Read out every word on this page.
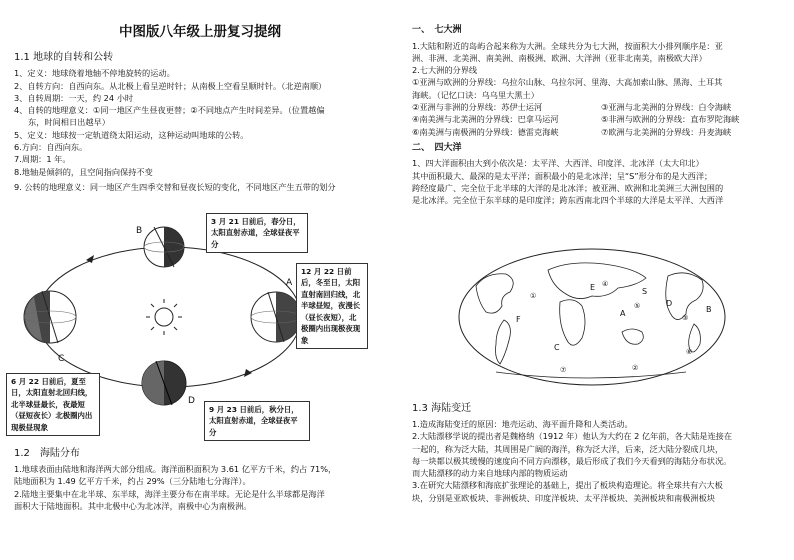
中图版八年级上册复习提纲
1.1 地球的自转和公转

1、定义：地球绕着地轴不停地旋转的运动。

2、自转方向：自西向东。从北极上看呈逆时针；从南极上空看呈顺时针。（北逆南顺）

3、自转周期：一天，约 24 小时

4、自转的地理意义：①同一地区产生昼夜更替；②不同地点产生时间差异。（位置越偏

东，时间相日出越早）

5、定义：地球按一定轨道绕太阳运动，这种运动叫地球的公转。

6.方向：自西向东。

7.周期：1 年。

8.地轴是倾斜的，且空间指向保持不变

9. 公转的地理意义：同一地区产生四季交替和昼夜长短的变化，不同地区产生五带的划分

B
C
D
A
3 月 21 日前后，春分日，太阳直射赤道，全球昼夜平分
12 月 22 日前后，冬至日，太阳直射南回归线，北半球昼短，夜漫长（昼长夜短），北极圈内出现极夜现象
6 月 22 日前后，夏至日，太阳直射北回归线，北半球昼最长，夜最短（昼短夜长）北极圈内出现极昼现象
9 月 23 日前后，秋分日，太阳直射赤道，全球昼夜平分
1.2　海陆分布

1.地球表面由陆地和海洋两大部分组成。海洋面积面积为 3.61 亿平方千米，约占 71%，

陆地面积为 1.49 亿平方千米，约占 29%（三分陆地七分海洋）。

2.陆地主要集中在北半球、东半球，海洋主要分布在南半球。无论是什么半球都是海洋

面积大于陆地面积。其中北极中心为北冰洋，南极中心为南极洲。

一、　七大洲

1.大陆和附近的岛屿合起来称为大洲。全球共分为七大洲，按面积大小排列顺序是：亚

洲、非洲、北美洲、南美洲、南极洲、欧洲、大洋洲（亚非北南美，南极欧大洋）

2.七大洲的分界线

①亚洲与欧洲的分界线：乌拉尔山脉、乌拉尔河、里海、大高加索山脉、黑海、土耳其

海峡。（记忆口诀：乌乌里大黑土）

②亚洲与非洲的分界线：苏伊士运河	③亚洲与北美洲的分界线：白令海峡
④南美洲与北美洲的分界线：巴拿马运河	⑤非洲与欧洲的分界线：直布罗陀海峡
⑥南美洲与南极洲的分界线：德雷克海峡	⑦欧洲与北美洲的分界线：丹麦海峡
二、　四大洋

1、四大洋面积由大到小依次是：太平洋、大西洋、印度洋、北冰洋（太大印北）

其中面积最大、最深的是太平洋；面积最小的是北冰洋；呈“S”形分布的是大西洋；

跨经度最广、完全位于北半球的大洋的是北冰洋；被亚洲、欧洲和北美洲三大洲包围的

是北冰洋。完全位于东半球的是印度洋；跨东西南北四个半球的大洋是太平洋、大西洋

①
④
⑤
③
⑥
②
⑦
E	S
F
A
D
B
C
1.3 海陆变迁

1.造成海陆变迁的原因：地壳运动、海平面升降和人类活动。

2.大陆漂移学说的提出者是魏格纳（1912 年）他认为大约在 2 亿年前，各大陆是连接在

一起的，称为泛大陆，其周围是广阔的海洋，称为泛大洋，后来，泛大陆分裂成几块，

每一块都以极其缓慢的速度向不同方向漂移，最后形成了我们今天看到的海陆分布状况。

而大陆漂移的动力来自地球内部的物质运动

3.在研究大陆漂移和海底扩张理论的基础上，提出了板块构造理论。将全球共有六大板

块，分别是亚欧板块、非洲板块、印度洋板块、太平洋板块、美洲板块和南极洲板块
